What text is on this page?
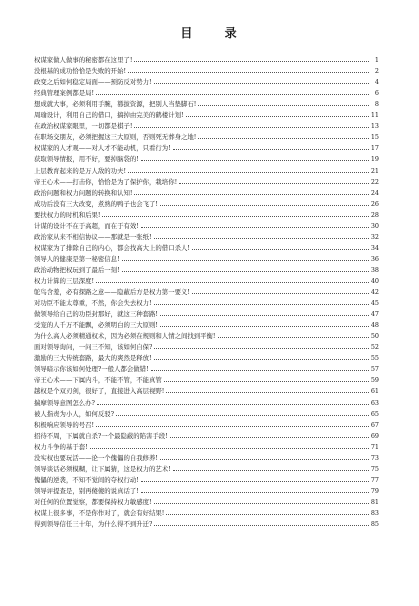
目 录
权谋家做人做事的秘密都在这里了!	1
没根基的成功恰恰是失败的开始!	2
政变之后如何稳定局面——预防反对势力!	4
经典管理案例都是局!	6
想成就大事，必须利用手腕，篡拔资源，把别人当垫脚石!	8
周瑜设计，利用自己的借口，搞掉由完美的鹤楼计划!	11
在政治权谋家眼里，一切都是棋子!	13
在职场交朋友，必须把握这三大原则，否则死无葬身之地!	15
权谋家的人才观——对人才不能动机，只看行为!	17
获取领导情报，用不好，要掉脑袋的!	19
上层教育起来的是万人敌的功夫!	21
帝王心术——打击你，恰恰是为了保护你，栽培你!	22
政治问题和权力问题的转换和认知!	24
成功后没有三大改变，煮熟的鸭子也会飞了!	26
要扶权力的时机和后果!	28
计谋的设计不在于高超，而在于有效!	30
政治家从来不相信协议——那就是一张纸!	32
权谋家为了排除自己的内心，都会找高大上的借口杀人!	34
领导人的健康是第一秘密信息!	36
政治动物把权玩到了最后一刻!	38
权力计算的三层深度!	40
鸵鸟含羞，必有探路之意——隐蔽后方是权力第一要义!	42
对功臣不能太尊重，不然，你会失去权力!	45
做领导给自己的功臣封那好，就这三种套路!	47
受宠的人千万不能飘，必须明白的三大原则!	48
为什么高人必须精通权术，因为必须在规则和人情之间找到平衡!	50
面对领导询问，一问三不知，该如何自保?	52
激励的三大传统套路，最大的爽然是释放!	55
领导暗示你该如何处理?一般人都会做错!	57
帝王心术——下属内斗，不能不管，不能真管	59
越权是个双刃剑，很好了，直接进入高层视野!	61
揣摩领导意图怎么办?	63
被人指责为小人，如何反驳?	65
积极响应领导的号召!	67
招待不周，下属就自杀?一个最隐蔽的陷害手段!	69
权力斗争的基于套!	71
没实权也要玩活——论一个傀儡的自我修养!	73
领导谈话必须模糊，让下属猜，这是权力的艺术!	75
傀儡的逆袭，不知不觉间的夺权行动!	77
领导评提查是，别再傻傻的说真话了!	79
对任何的位置觉察，都要保持权力敏感度!	81
权谋上很多事，不是你作对了，就会有好结果!	83
得到领导信任三十年，为什么得不到升迁?	85
